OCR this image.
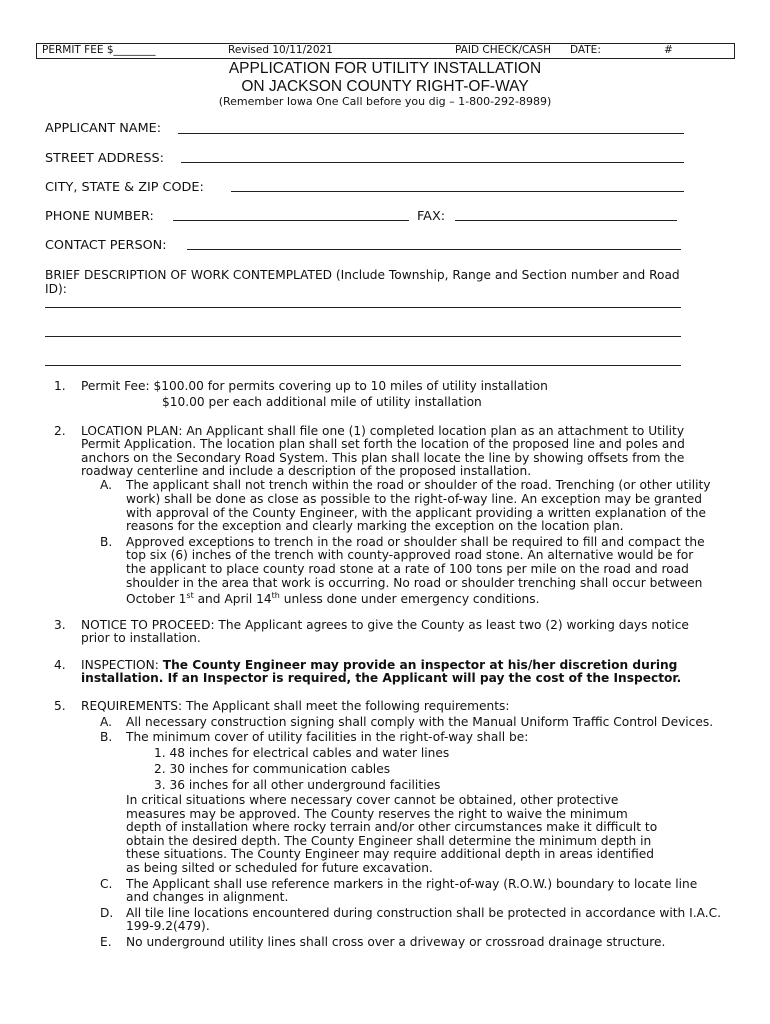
PERMIT FEE $________	Revised 10/11/2021	PAID CHECK/CASH DATE:	#
APPLICATION FOR UTILITY INSTALLATION
ON JACKSON COUNTY RIGHT-OF-WAY
(Remember Iowa One Call before you dig – 1-800-292-8989)
APPLICANT NAME:
STREET ADDRESS:
CITY, STATE & ZIP CODE:
PHONE NUMBER:	FAX:
CONTACT PERSON:
BRIEF DESCRIPTION OF WORK CONTEMPLATED (Include Township, Range and Section number and Road
ID):
1. Permit Fee: $100.00 for permits covering up to 10 miles of utility installation
$10.00 per each additional mile of utility installation
2. LOCATION PLAN: An Applicant shall file one (1) completed location plan as an attachment to Utility
Permit Application. The location plan shall set forth the location of the proposed line and poles and
anchors on the Secondary Road System. This plan shall locate the line by showing offsets from the
roadway centerline and include a description of the proposed installation.
A. The applicant shall not trench within the road or shoulder of the road. Trenching (or other utility
work) shall be done as close as possible to the right-of-way line. An exception may be granted
with approval of the County Engineer, with the applicant providing a written explanation of the
reasons for the exception and clearly marking the exception on the location plan.
B. Approved exceptions to trench in the road or shoulder shall be required to fill and compact the
top six (6) inches of the trench with county-approved road stone. An alternative would be for
the applicant to place county road stone at a rate of 100 tons per mile on the road and road
shoulder in the area that work is occurring. No road or shoulder trenching shall occur between
October 1st and April 14th unless done under emergency conditions.
3. NOTICE TO PROCEED: The Applicant agrees to give the County as least two (2) working days notice
prior to installation.
4. INSPECTION: The County Engineer may provide an inspector at his/her discretion during
installation. If an Inspector is required, the Applicant will pay the cost of the Inspector.
5. REQUIREMENTS: The Applicant shall meet the following requirements:
A. All necessary construction signing shall comply with the Manual Uniform Traffic Control Devices.
B. The minimum cover of utility facilities in the right-of-way shall be:
1. 48 inches for electrical cables and water lines
2. 30 inches for communication cables
3. 36 inches for all other underground facilities
In critical situations where necessary cover cannot be obtained, other protective
measures may be approved. The County reserves the right to waive the minimum
depth of installation where rocky terrain and/or other circumstances make it difficult to
obtain the desired depth. The County Engineer shall determine the minimum depth in
these situations. The County Engineer may require additional depth in areas identified
as being silted or scheduled for future excavation.
C. The Applicant shall use reference markers in the right-of-way (R.O.W.) boundary to locate line
and changes in alignment.
D. All tile line locations encountered during construction shall be protected in accordance with I.A.C.
199-9.2(479).
E. No underground utility lines shall cross over a driveway or crossroad drainage structure.
